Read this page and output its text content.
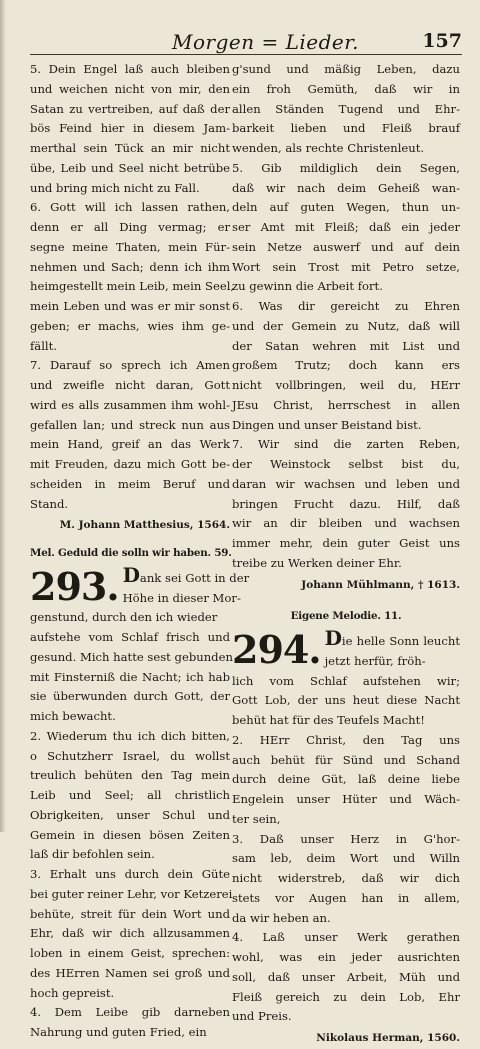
Morgen = Lieder.	157
5. Dein Engel laß auch bleiben
und weichen nicht von mir, den
Satan zu vertreiben, auf daß der
bös Feind hier in diesem Jam-
merthal sein Tück an mir nicht
übe, Leib und Seel nicht betrübe
und bring mich nicht zu Fall.
6. Gott will ich lassen rathen,
denn er all Ding vermag; er
segne meine Thaten, mein Für-
nehmen und Sach; denn ich ihm
heimgestellt mein Leib, mein Seel,
mein Leben und was er mir sonst
geben; er machs, wies ihm ge-
fällt.
7. Darauf so sprech ich Amen
und zweifle nicht daran, Gott
wird es alls zusammen ihm wohl-
gefallen lan; und streck nun aus
mein Hand, greif an das Werk
mit Freuden, dazu mich Gott be-
scheiden in meim Beruf und
Stand.
M. Johann Matthesius, 1564.
Mel. Geduld die solln wir haben. 59.
293. Dank sei Gott in der
Höhe in dieser Mor-
genstund, durch den ich wieder
aufstehe vom Schlaf frisch und
gesund. Mich hatte sest gebunden
mit Finsterniß die Nacht; ich hab
sie überwunden durch Gott, der
mich bewacht.
2. Wiederum thu ich dich bitten,
o Schutzherr Israel, du wollst
treulich behüten den Tag mein
Leib und Seel; all christlich
Obrigkeiten, unser Schul und
Gemein in diesen bösen Zeiten
laß dir befohlen sein.
3. Erhalt uns durch dein Güte
bei guter reiner Lehr, vor Ketzerei
behüte, streit für dein Wort und
Ehr, daß wir dich allzusammen
loben in einem Geist, sprechen:
des HErren Namen sei groß und
hoch gepreist.
4. Dem Leibe gib darneben
Nahrung und guten Fried, ein
g'sund und mäßig Leben, dazu
ein froh Gemüth, daß wir in
allen Ständen Tugend und Ehr-
barkeit lieben und Fleiß brauf
wenden, als rechte Christenleut.
5. Gib mildiglich dein Segen,
daß wir nach deim Geheiß wan-
deln auf guten Wegen, thun un-
ser Amt mit Fleiß; daß ein jeder
sein Netze auswerf und auf dein
Wort sein Trost mit Petro setze,
zu gewinn die Arbeit fort.
6. Was dir gereicht zu Ehren
und der Gemein zu Nutz, daß will
der Satan wehren mit List und
großem Trutz; doch kann ers
nicht vollbringen, weil du, HErr
JEsu Christ, herrschest in allen
Dingen und unser Beistand bist.
7. Wir sind die zarten Reben,
der Weinstock selbst bist du,
daran wir wachsen und leben und
bringen Frucht dazu. Hilf, daß
wir an dir bleiben und wachsen
immer mehr, dein guter Geist uns
treibe zu Werken deiner Ehr.
Johann Mühlmann, † 1613.
Eigene Melodie. 11.
294. Die helle Sonn leucht
jetzt herfür, fröh-
lich vom Schlaf aufstehen wir;
Gott Lob, der uns heut diese Nacht
behüt hat für des Teufels Macht!
2. HErr Christ, den Tag uns
auch behüt für Sünd und Schand
durch deine Güt, laß deine liebe
Engelein unser Hüter und Wäch-
ter sein,
3. Daß unser Herz in G'hor-
sam leb, deim Wort und Willn
nicht widerstreb, daß wir dich
stets vor Augen han in allem,
da wir heben an.
4. Laß unser Werk gerathen
wohl, was ein jeder ausrichten
soll, daß unser Arbeit, Müh und
Fleiß gereich zu dein Lob, Ehr
und Preis.
Nikolaus Herman, 1560.
